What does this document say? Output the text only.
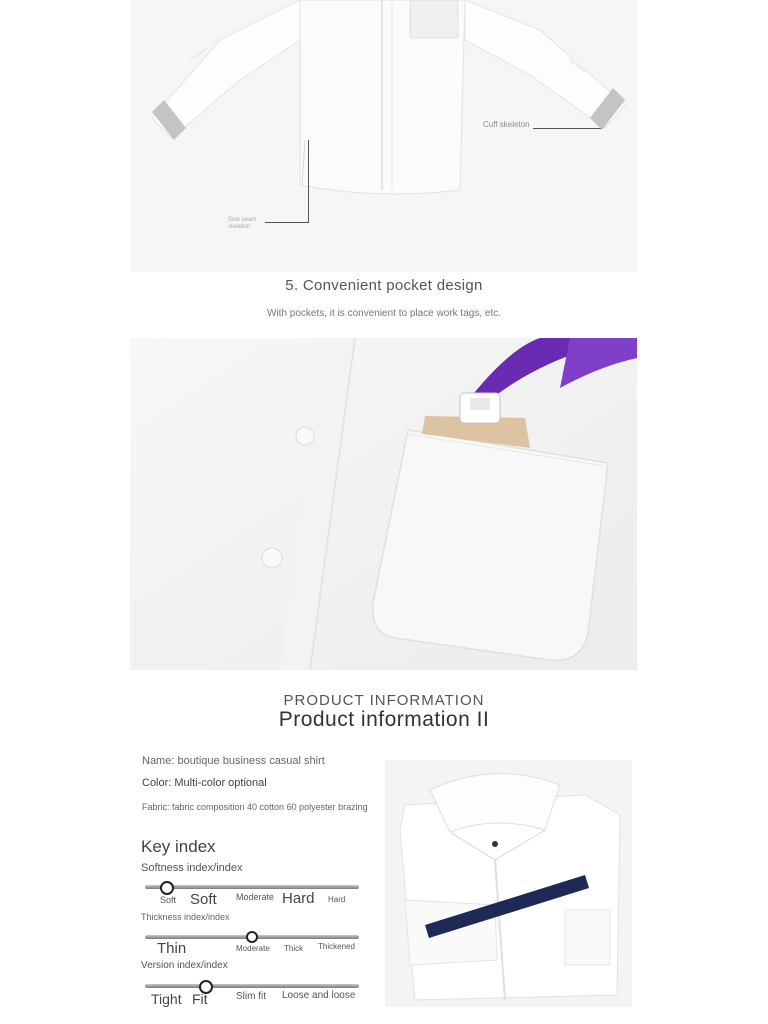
Cuff skeleton
Side seam
skeleton
5. Convenient pocket design
With pockets, it is convenient to place work tags, etc.
PRODUCT INFORMATION
Product information II
Name: boutique business casual shirt
Color: Multi-color optional
Fabric: fabric composition 40 cotton 60 polyester brazing
Key index
Softness index/index
Soft Soft Moderate Hard Hard
Thickness index/index
Thin	Moderate Thick Thickened
Version index/index
Tight Fit	Slim fit Loose and loose
